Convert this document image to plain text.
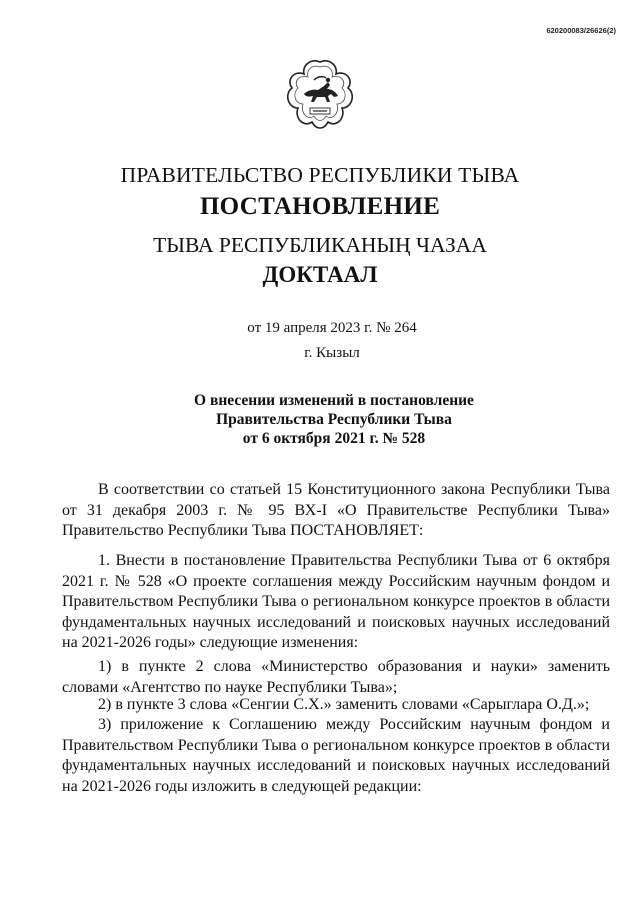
620200083/26626(2)
ПРАВИТЕЛЬСТВО РЕСПУБЛИКИ ТЫВА
ПОСТАНОВЛЕНИЕ
ТЫВА РЕСПУБЛИКАНЫҢ ЧАЗАА
ДОКТААЛ
от 19 апреля 2023 г. № 264
г. Кызыл
О внесении изменений в постановление
Правительства Республики Тыва
от 6 октября 2021 г. № 528

В соответствии со статьей 15 Конституционного закона Республики Тыва от 31 декабря 2003 г. № 95 ВХ-I «О Правительстве Республики Тыва» Правительство Республики Тыва ПОСТАНОВЛЯЕТ:

1. Внести в постановление Правительства Республики Тыва от 6 октября 2021 г. № 528 «О проекте соглашения между Российским научным фондом и Правительством Республики Тыва о региональном конкурсе проектов в области фундаментальных научных исследований и поисковых научных исследований на 2021-2026 годы» следующие изменения:

1) в пункте 2 слова «Министерство образования и науки» заменить словами «Агентство по науке Республики Тыва»;

2) в пункте 3 слова «Сенгии С.Х.» заменить словами «Сарыглара О.Д.»;

3) приложение к Соглашению между Российским научным фондом и Правительством Республики Тыва о региональном конкурсе проектов в области фундаментальных научных исследований и поисковых научных исследований на 2021-2026 годы изложить в следующей редакции:
